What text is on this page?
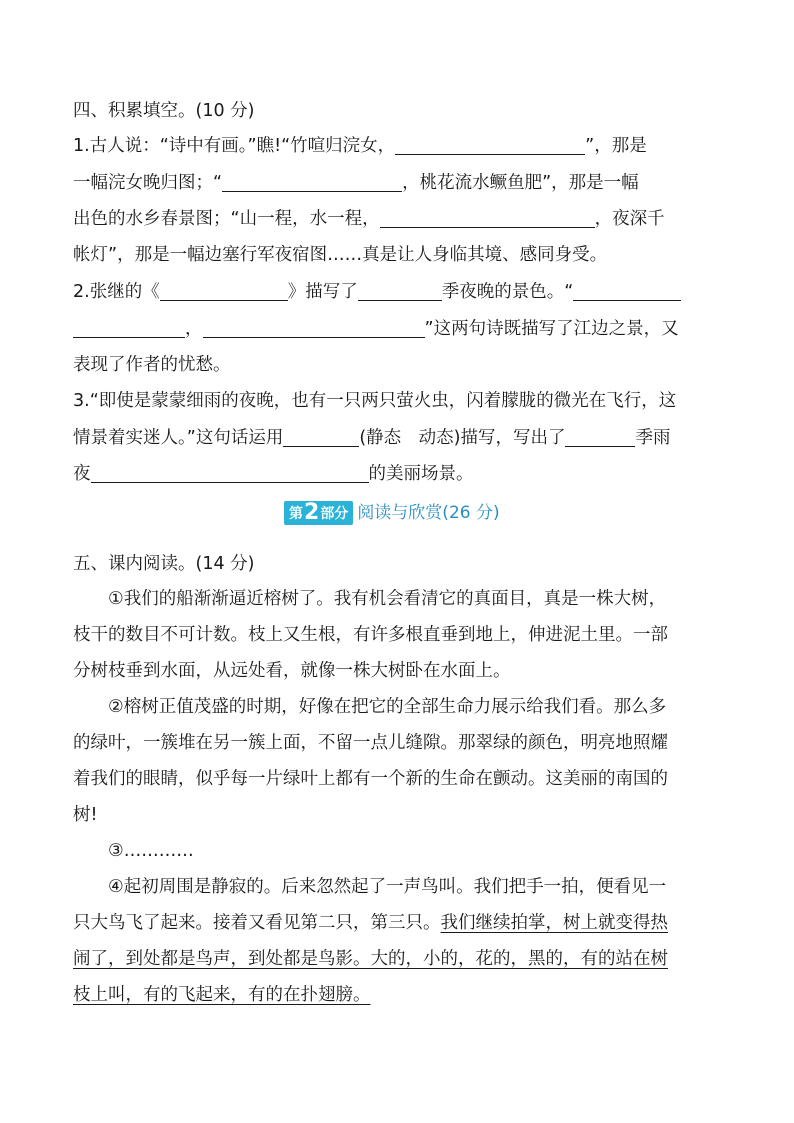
四、积累填空。(10 分)
1.古人说：“诗中有画。”瞧!“竹喧归浣女，	”，那是
一幅浣女晚归图；“	，桃花流水鳜鱼肥”，那是一幅
出色的水乡春景图；“山一程，水一程，	，夜深千
帐灯”，那是一幅边塞行军夜宿图……真是让人身临其境、感同身受。
2.张继的《	》描写了	季夜晚的景色。“
，	”这两句诗既描写了江边之景，又
表现了作者的忧愁。
3.“即使是蒙蒙细雨的夜晚，也有一只两只萤火虫，闪着朦胧的微光在飞行，这
情景着实迷人。”这句话运用	(静态　动态)描写，写出了	季雨
夜	的美丽场景。
第 2 部分 阅读与欣赏(26 分)
五、课内阅读。(14 分)
①我们的船渐渐逼近榕树了。我有机会看清它的真面目，真是一株大树，
枝干的数目不可计数。枝上又生根，有许多根直垂到地上，伸进泥土里。一部
分树枝垂到水面，从远处看，就像一株大树卧在水面上。
②榕树正值茂盛的时期，好像在把它的全部生命力展示给我们看。那么多
的绿叶，一簇堆在另一簇上面，不留一点儿缝隙。那翠绿的颜色，明亮地照耀
着我们的眼睛，似乎每一片绿叶上都有一个新的生命在颤动。这美丽的南国的
树!
③…………
④起初周围是静寂的。后来忽然起了一声鸟叫。我们把手一拍，便看见一
只大鸟飞了起来。接着又看见第二只，第三只。我们继续拍掌，树上就变得热
闹了，到处都是鸟声，到处都是鸟影。大的，小的，花的，黑的，有的站在树
枝上叫，有的飞起来，有的在扑翅膀。
